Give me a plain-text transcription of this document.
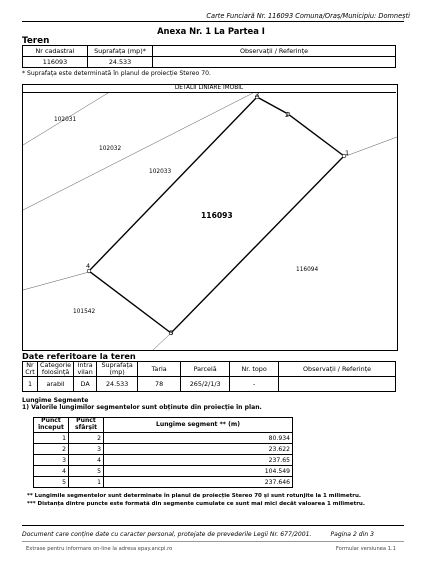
Carte Funciară Nr. 116093 Comuna/Oraș/Municipiu: Domnești
Anexa Nr. 1 La Partea I
Teren
Nr cadastral	Suprafața (mp)*	Observații / Referințe
116093	24.533	
* Suprafața este determinată în planul de proiecție Stereo 70.
1
2
3
4
5
116093
102031
102032
102033
116094
101542
DETALII LINIARE IMOBIL
Date referitoare la teren
Nr Crt	Categorie folosință	Intra vilan	Suprafața (mp)	Tarla	Parcelă	Nr. topo	Observații / Referințe
1	arabil	DA	24.533	78	265/2/1/3	-	
Lungime Segmente
1) Valorile lungimilor segmentelor sunt obținute din proiecție în plan.
Punct început	Punct sfârșit	Lungime segment ** (m)
1	2	80.934
2	3	23.622
3	4	237.65
4	5	104.549
5	1	237.646
** Lungimile segmentelor sunt determinate în planul de proiecție Stereo 70 și sunt rotunjite la 1 milimetru.
*** Distanța dintre puncte este formată din segmente cumulate ce sunt mai mici decât valoarea 1 milimetru.
Document care conține date cu caracter personal, protejate de prevederile Legii Nr. 677/2001.	Pagina 2 din 3
Extrase pentru informare on-line la adresa epay.ancpi.ro	Formular versiunea 1.1
